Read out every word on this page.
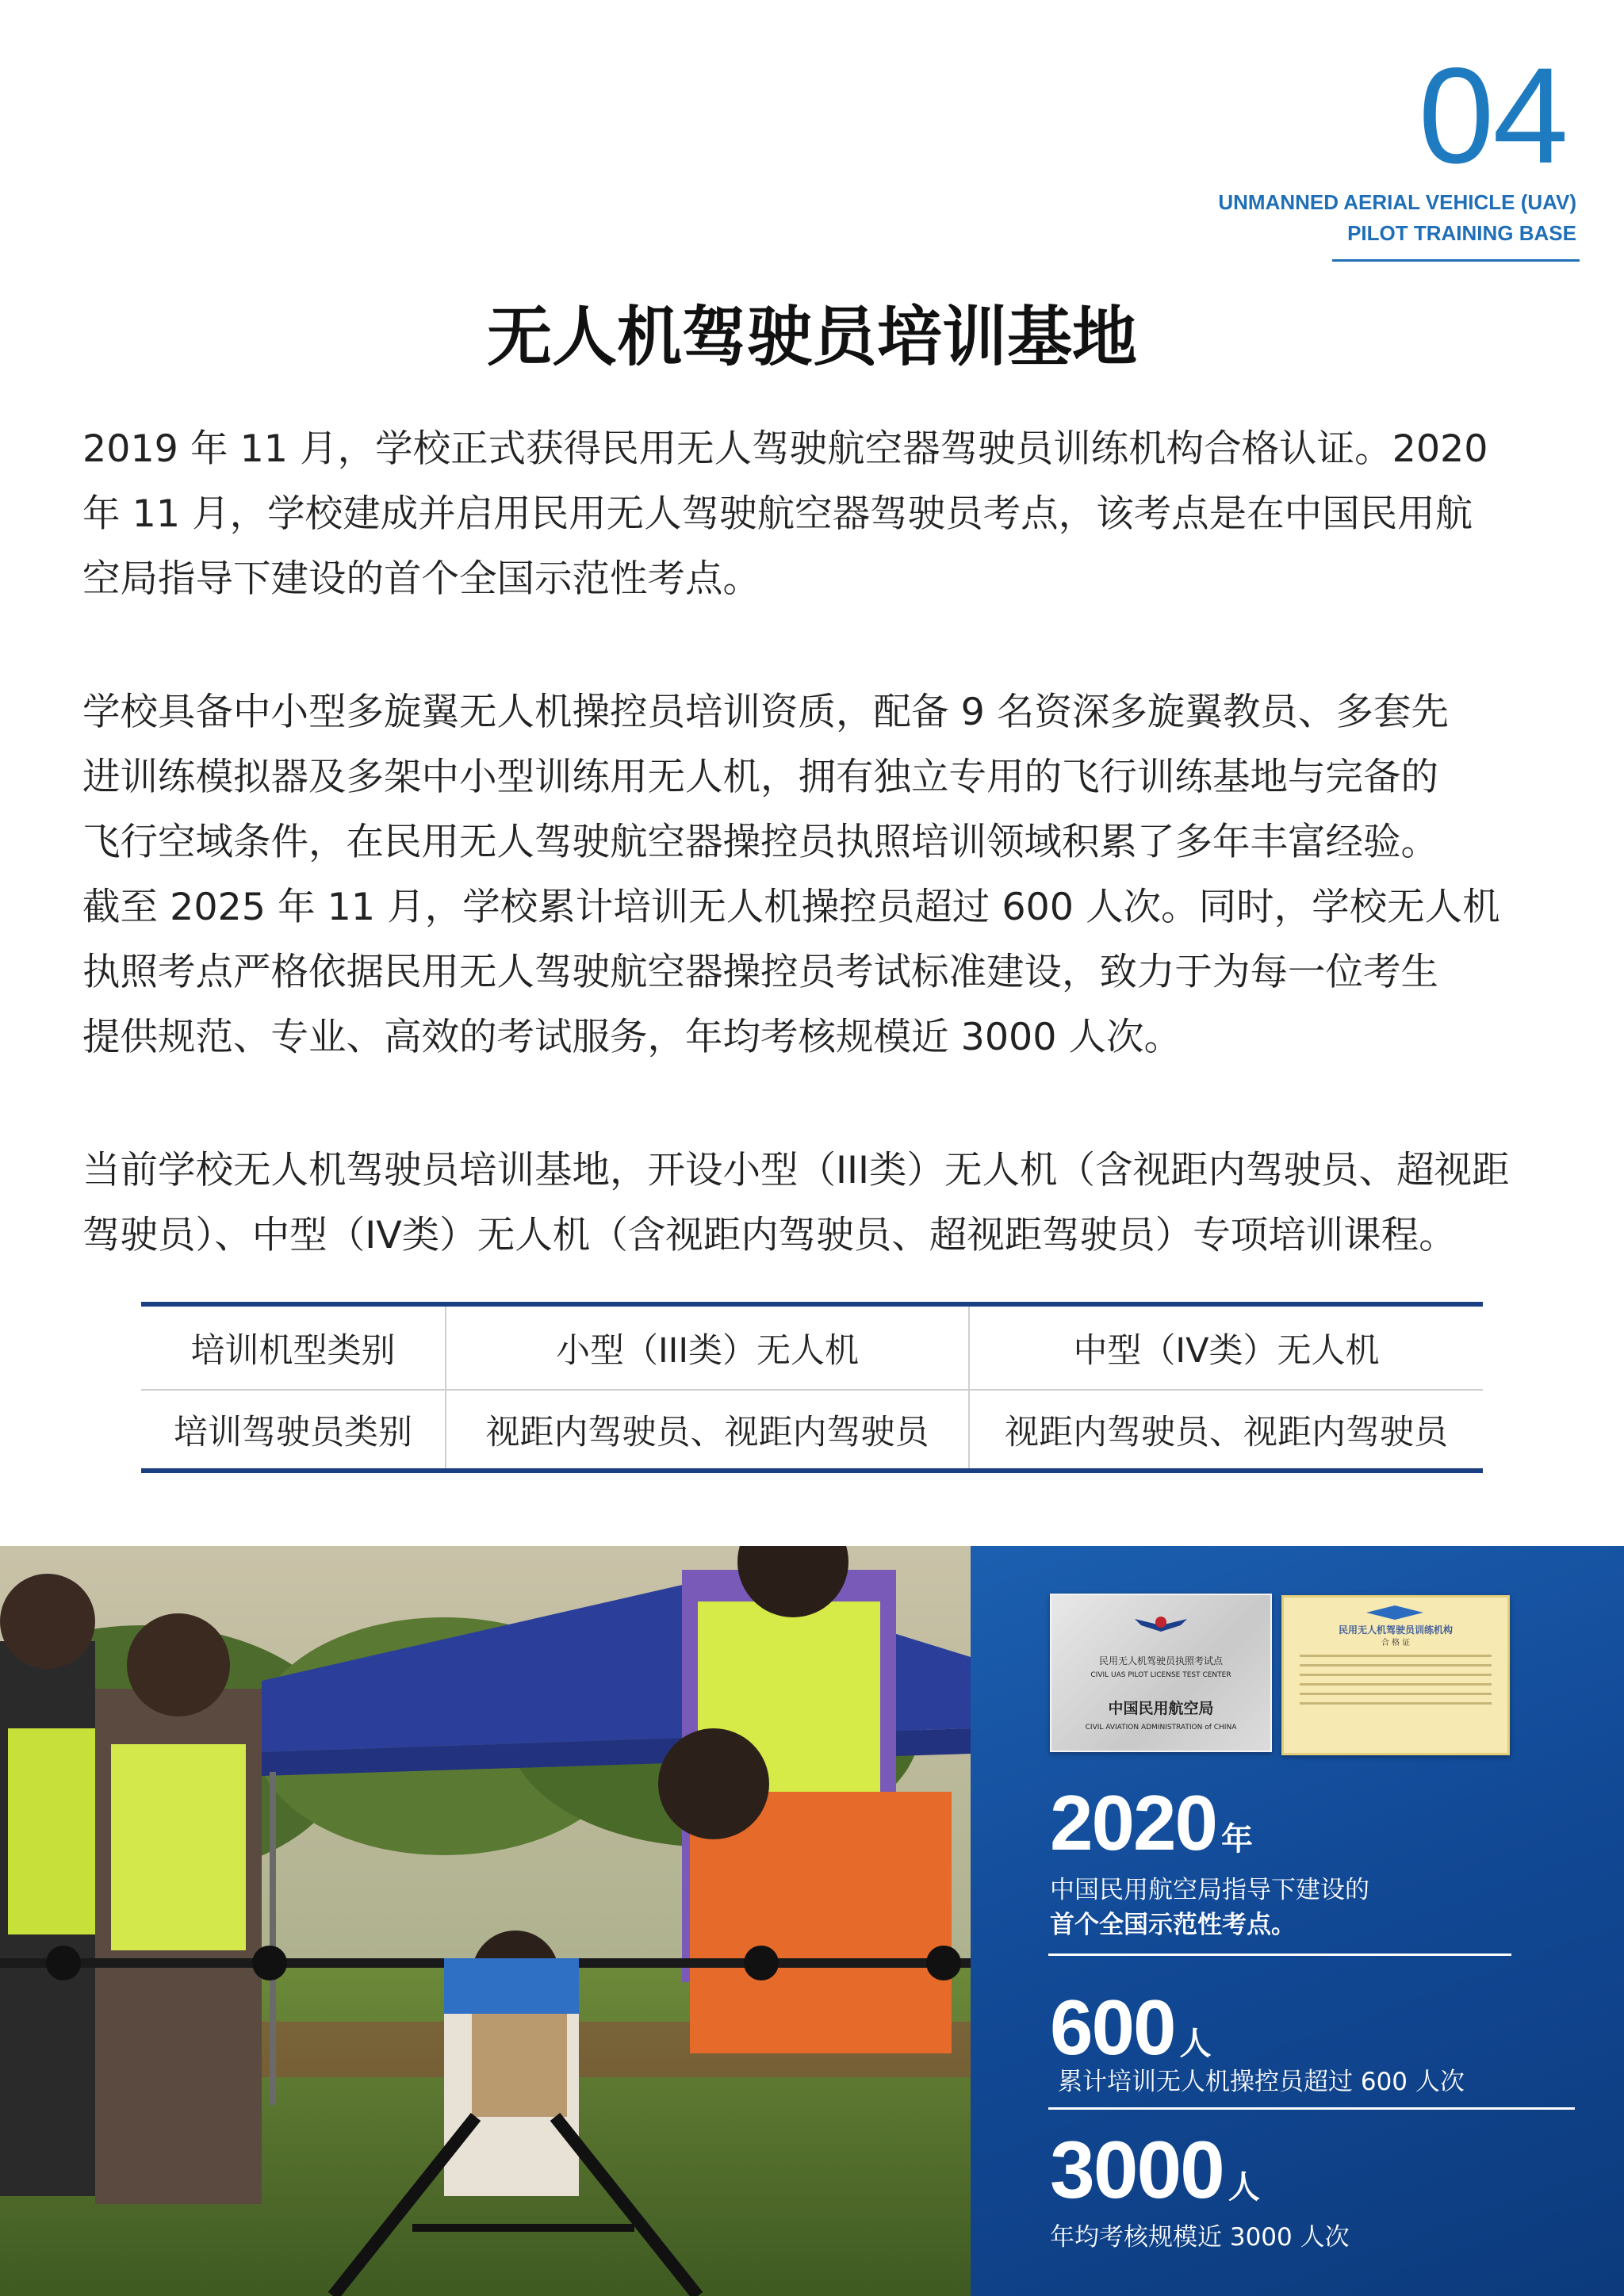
04
UNMANNED AERIAL VEHICLE (UAV)
PILOT TRAINING BASE
无人机驾驶员培训基地
2019 年 11 月，学校正式获得民用无人驾驶航空器驾驶员训练机构合格认证。2020
年 11 月，学校建成并启用民用无人驾驶航空器驾驶员考点，该考点是在中国民用航
空局指导下建设的首个全国示范性考点。
学校具备中小型多旋翼无人机操控员培训资质，配备 9 名资深多旋翼教员、多套先
进训练模拟器及多架中小型训练用无人机，拥有独立专用的飞行训练基地与完备的
飞行空域条件，在民用无人驾驶航空器操控员执照培训领域积累了多年丰富经验。
截至 2025 年 11 月，学校累计培训无人机操控员超过 600 人次。同时，学校无人机
执照考点严格依据民用无人驾驶航空器操控员考试标准建设，致力于为每一位考生
提供规范、专业、高效的考试服务，年均考核规模近 3000 人次。
当前学校无人机驾驶员培训基地，开设小型（III类）无人机（含视距内驾驶员、超视距
驾驶员）、中型（IV类）无人机（含视距内驾驶员、超视距驾驶员）专项培训课程。
培训机型类别	小型（III类）无人机	中型（IV类）无人机
培训驾驶员类别	视距内驾驶员、视距内驾驶员	视距内驾驶员、视距内驾驶员
民用无人机驾驶员执照考试点
CIVIL UAS PILOT LICENSE TEST CENTER
中国民用航空局
CIVIL AVIATION ADMINISTRATION of CHINA
民用无人机驾驶员训练机构
合 格 证
2020 年
中国民用航空局指导下建设的
首个全国示范性考点。
600 人
累计培训无人机操控员超过 600 人次
3000 人
年均考核规模近 3000 人次
